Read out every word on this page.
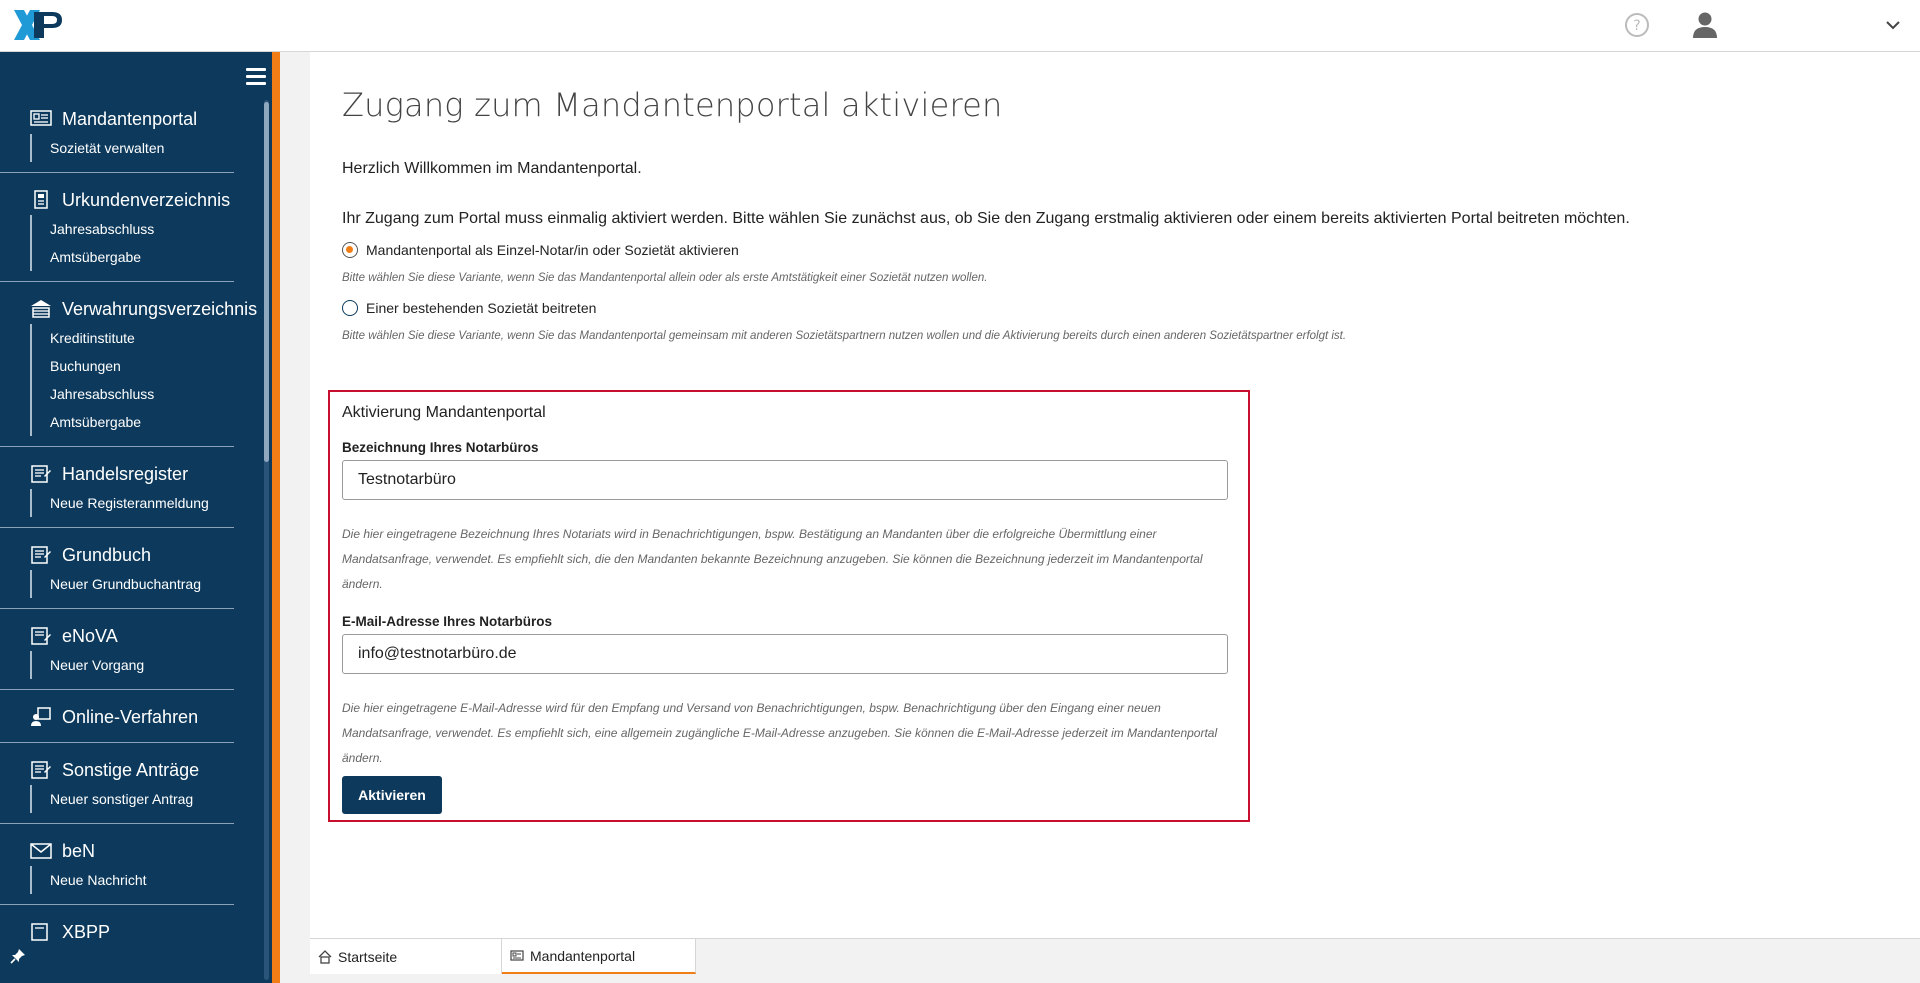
?
Mandantenportal
Sozietät verwalten
Urkundenverzeichnis
Jahresabschluss
Amtsübergabe
Verwahrungsverzeichnis
Kreditinstitute
Buchungen
Jahresabschluss
Amtsübergabe
Handelsregister
Neue Registeranmeldung
Grundbuch
Neuer Grundbuchantrag
eNoVA
Neuer Vorgang
Online-Verfahren
Sonstige Anträge
Neuer sonstiger Antrag
beN
Neue Nachricht
XBPP
Zugang zum Mandantenportal aktivieren

Herzlich Willkommen im Mandantenportal.

Ihr Zugang zum Portal muss einmalig aktiviert werden. Bitte wählen Sie zunächst aus, ob Sie den Zugang erstmalig aktivieren oder einem bereits aktivierten Portal beitreten möchten.

Mandantenportal als Einzel-Notar/in oder Sozietät aktivieren

Bitte wählen Sie diese Variante, wenn Sie das Mandantenportal allein oder als erste Amtstätigkeit einer Sozietät nutzen wollen.

Einer bestehenden Sozietät beitreten

Bitte wählen Sie diese Variante, wenn Sie das Mandantenportal gemeinsam mit anderen Sozietätspartnern nutzen wollen und die Aktivierung bereits durch einen anderen Sozietätspartner erfolgt ist.

Aktivierung Mandantenportal
Bezeichnung Ihres Notarbüros
Testnotarbüro

Die hier eingetragene Bezeichnung Ihres Notariats wird in Benachrichtigungen, bspw. Bestätigung an Mandanten über die erfolgreiche Übermittlung einer Mandatsanfrage, verwendet. Es empfiehlt sich, die den Mandanten bekannte Bezeichnung anzugeben. Sie können die Bezeichnung jederzeit im Mandantenportal ändern.

E-Mail-Adresse Ihres Notarbüros
info@testnotarbüro.de

Die hier eingetragene E-Mail-Adresse wird für den Empfang und Versand von Benachrichtigungen, bspw. Benachrichtigung über den Eingang einer neuen Mandatsanfrage, verwendet. Es empfiehlt sich, eine allgemein zugängliche E-Mail-Adresse anzugeben. Sie können die E-Mail-Adresse jederzeit im Mandantenportal ändern.

Aktivieren
Startseite	Mandantenportal
